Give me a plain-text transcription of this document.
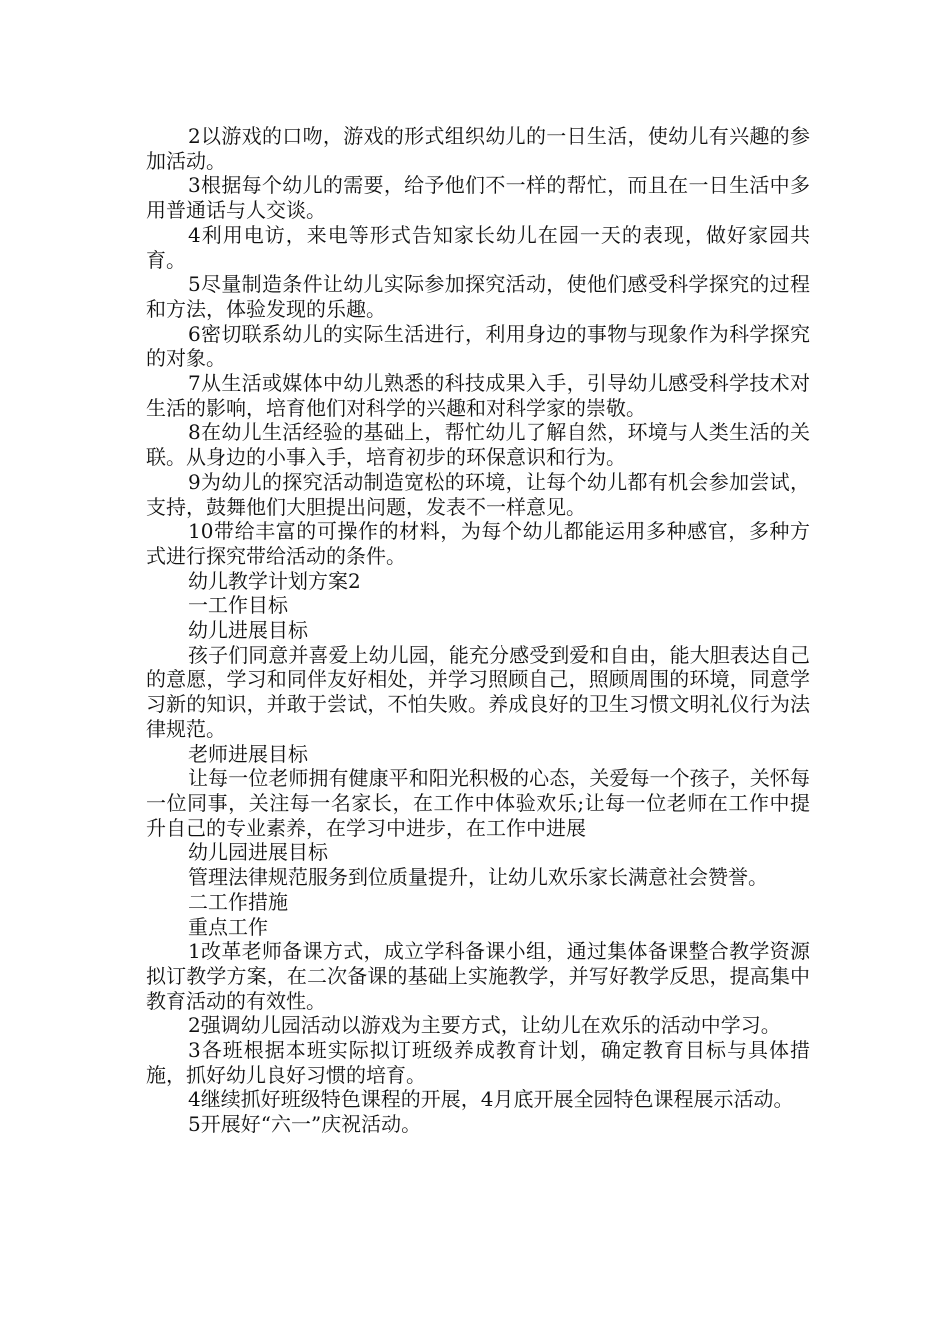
2以游戏的口吻，游戏的形式组织幼儿的一日生活，使幼儿有兴趣的参加活动。

3根据每个幼儿的需要，给予他们不一样的帮忙，而且在一日生活中多用普通话与人交谈。

4利用电访，来电等形式告知家长幼儿在园一天的表现，做好家园共育。

5尽量制造条件让幼儿实际参加探究活动，使他们感受科学探究的过程和方法，体验发现的乐趣。

6密切联系幼儿的实际生活进行，利用身边的事物与现象作为科学探究的对象。

7从生活或媒体中幼儿熟悉的科技成果入手，引导幼儿感受科学技术对生活的影响，培育他们对科学的兴趣和对科学家的崇敬。

8在幼儿生活经验的基础上，帮忙幼儿了解自然，环境与人类生活的关联。从身边的小事入手，培育初步的环保意识和行为。

9为幼儿的探究活动制造宽松的环境，让每个幼儿都有机会参加尝试，支持，鼓舞他们大胆提出问题，发表不一样意见。

10带给丰富的可操作的材料，为每个幼儿都能运用多种感官，多种方式进行探究带给活动的条件。

幼儿教学计划方案2

一工作目标

幼儿进展目标

孩子们同意并喜爱上幼儿园，能充分感受到爱和自由，能大胆表达自己的意愿，学习和同伴友好相处，并学习照顾自己，照顾周围的环境，同意学习新的知识，并敢于尝试，不怕失败。养成良好的卫生习惯文明礼仪行为法律规范。

老师进展目标

让每一位老师拥有健康平和阳光积极的心态，关爱每一个孩子，关怀每一位同事，关注每一名家长，在工作中体验欢乐;让每一位老师在工作中提升自己的专业素养，在学习中进步，在工作中进展

幼儿园进展目标

管理法律规范服务到位质量提升，让幼儿欢乐家长满意社会赞誉。

二工作措施

重点工作

1改革老师备课方式，成立学科备课小组，通过集体备课整合教学资源拟订教学方案，在二次备课的基础上实施教学，并写好教学反思，提高集中教育活动的有效性。

2强调幼儿园活动以游戏为主要方式，让幼儿在欢乐的活动中学习。

3各班根据本班实际拟订班级养成教育计划，确定教育目标与具体措施，抓好幼儿良好习惯的培育。

4继续抓好班级特色课程的开展，4月底开展全园特色课程展示活动。

5开展好“六一”庆祝活动。
